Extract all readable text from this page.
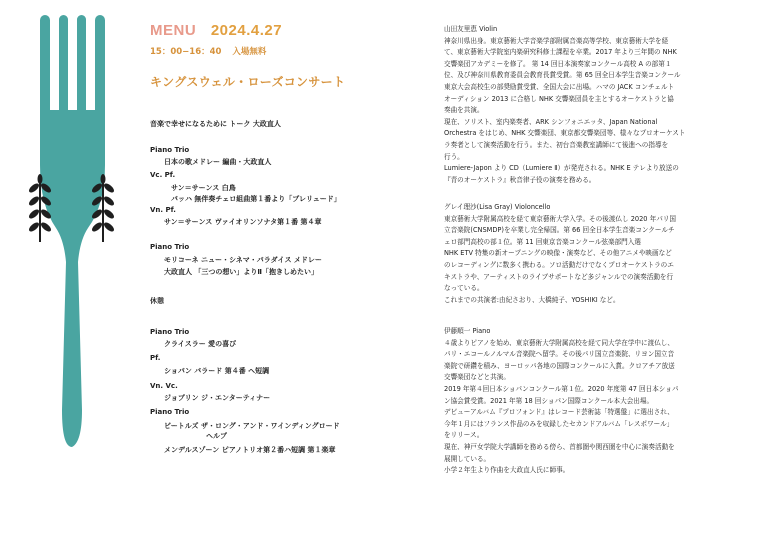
MENU 2024.4.27
15：00−16：40 入場無料
キングスウェル・ローズコンサート
音楽で幸せになるために トーク 大政直人
Piano Trio
日本の歌メドレー 編曲・大政直人
Vc. Pf.
サン＝サーンス 白鳥
バッハ 無伴奏チェロ組曲第１番より「プレリュード」
Vn. Pf.
サン＝サーンス ヴァイオリンソナタ第１番 第４章
Piano Trio
モリコーネ ニュー・シネマ・パラダイス メドレー
大政直人 「三つの想い」よりⅡ「抱きしめたい」
休憩
Piano Trio
クライスラー 愛の喜び
Pf.
ショパン バラード 第４番 ヘ短調
Vn. Vc.
ジョプリン ジ・エンターティナー
Piano Trio
ビートルズ ザ・ロング・アンド・ワインディングロード
ヘルプ
メンデルスゾーン ピアノトリオ第２番ハ短調 第１楽章
山田友里恵 Violin
神奈川県出身。東京藝術大学音楽学部附属音楽高等学校、東京藝術大学を経
て、東京藝術大学院室内楽研究科修士課程を卒業。2017 年より三年間の NHK
交響楽団アカデミーを修了。 第 14 回日本演奏家コンクール高校 A の部第１
位、及び神奈川県教育委員会教育長賞受賞。第 65 回全日本学生音楽コンクール
東京大会高校生の部奨励賞受賞、全国大会に出場。ハマの JACK コンチェルト
オーディション 2013 に合格し NHK 交響楽団員を主とするオーケストラと協
奏曲を共演。
現在、ソリスト、室内楽奏者、ARK シンフォニエッタ、Japan National
Orchestra をはじめ、NHK 交響楽団、東京都交響楽団等、様々なプロオーケスト
ラ奏者として演奏活動を行う。また、初台音楽教室講師にて後進への指導を
行う。
Lumiere-Japon より CD（Lumiere Ⅱ）が発売される。NHK E テレより放送の
『青のオーケストラ』秋音律子役の演奏を務める。
グレイ理沙(Lisa Gray) Violoncello
東京藝術大学附属高校を経て東京藝術大学入学。その後渡仏し 2020 年パリ国
立音楽院(CNSMDP)を卒業し完全帰国。第 66 回全日本学生音楽コンクールチ
ェロ部門高校の部１位。第 11 回東京音楽コンクール弦楽部門入選
NHK ETV 特集の新オープニングの映像・演奏など、その他アニメや映画など
のレコーディングに数多く携わる。ソロ活動だけでなくプロオーケストラのエ
キストラや、アーティストのライブサポートなど多ジャンルでの演奏活動を行
なっている。
これまでの共演者:由紀さおり、大橋純子、YOSHIKI など。
伊藤順一 Piano
４歳よりピアノを始め、東京藝術大学附属高校を経て同大学在学中に渡仏し、
パリ・エコールノルマル音楽院へ留学。その後パリ国立音楽院、リヨン国立音
楽院で研鑽を積み、ヨーロッパ各地の国際コンクールに入賞。クロアチア放送
交響楽団などと共演。
2019 年第４回日本ショパンコンクール第１位。2020 年度第 47 回日本ショパ
ン協会賞受賞。2021 年第 18 回ショパン国際コンクール本大会出場。
デビューアルバム『プロフォンド』はレコード芸術誌「特選盤」に選出され、
今年１月にはフランス作品のみを収録したセカンドアルバム「レスポワール」
をリリース。
現在、神戸女学院大学講師を務める傍ら、首都圏や関西圏を中心に演奏活動を
展開している。
小学２年生より作曲を大政直人氏に師事。
